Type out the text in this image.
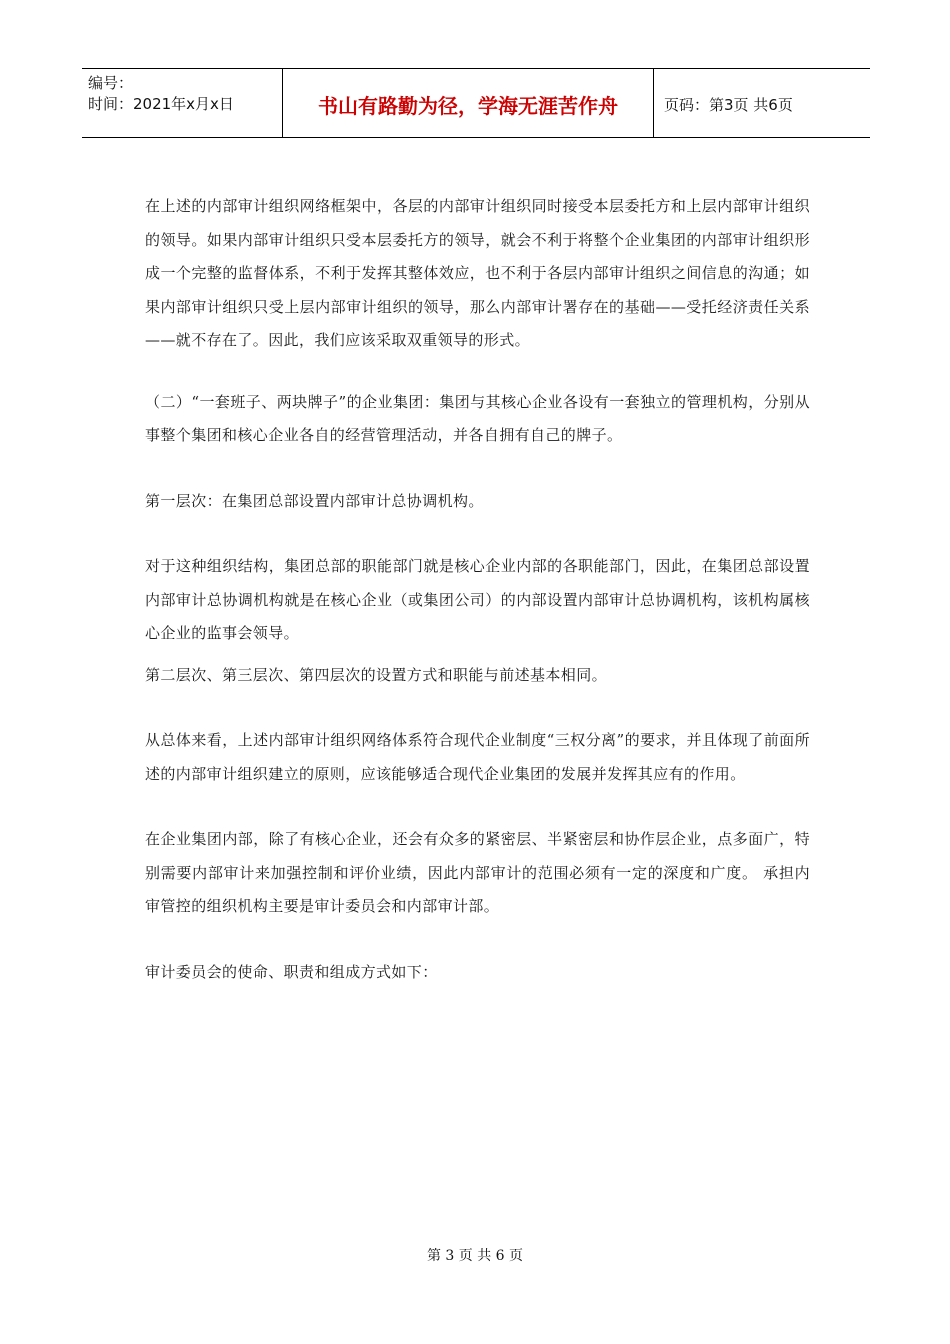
编号：
时间：2021年x月x日	书山有路勤为径，学海无涯苦作舟	页码：第3页 共6页

在上述的内部审计组织网络框架中，各层的内部审计组织同时接受本层委托方和上层内部审计组织的领导。如果内部审计组织只受本层委托方的领导，就会不利于将整个企业集团的内部审计组织形成一个完整的监督体系，不利于发挥其整体效应，也不利于各层内部审计组织之间信息的沟通；如果内部审计组织只受上层内部审计组织的领导，那么内部审计署存在的基础——受托经济责任关系——就不存在了。因此，我们应该采取双重领导的形式。

（二）“一套班子、两块牌子”的企业集团：集团与其核心企业各设有一套独立的管理机构，分别从事整个集团和核心企业各自的经营管理活动，并各自拥有自己的牌子。

第一层次：在集团总部设置内部审计总协调机构。

对于这种组织结构，集团总部的职能部门就是核心企业内部的各职能部门，因此，在集团总部设置内部审计总协调机构就是在核心企业（或集团公司）的内部设置内部审计总协调机构，该机构属核心企业的监事会领导。

第二层次、第三层次、第四层次的设置方式和职能与前述基本相同。

从总体来看，上述内部审计组织网络体系符合现代企业制度“三权分离”的要求，并且体现了前面所述的内部审计组织建立的原则，应该能够适合现代企业集团的发展并发挥其应有的作用。

在企业集团内部，除了有核心企业，还会有众多的紧密层、半紧密层和协作层企业，点多面广，特别需要内部审计来加强控制和评价业绩，因此内部审计的范围必须有一定的深度和广度。 承担内审管控的组织机构主要是审计委员会和内部审计部。

审计委员会的使命、职责和组成方式如下：

第 3 页 共 6 页
